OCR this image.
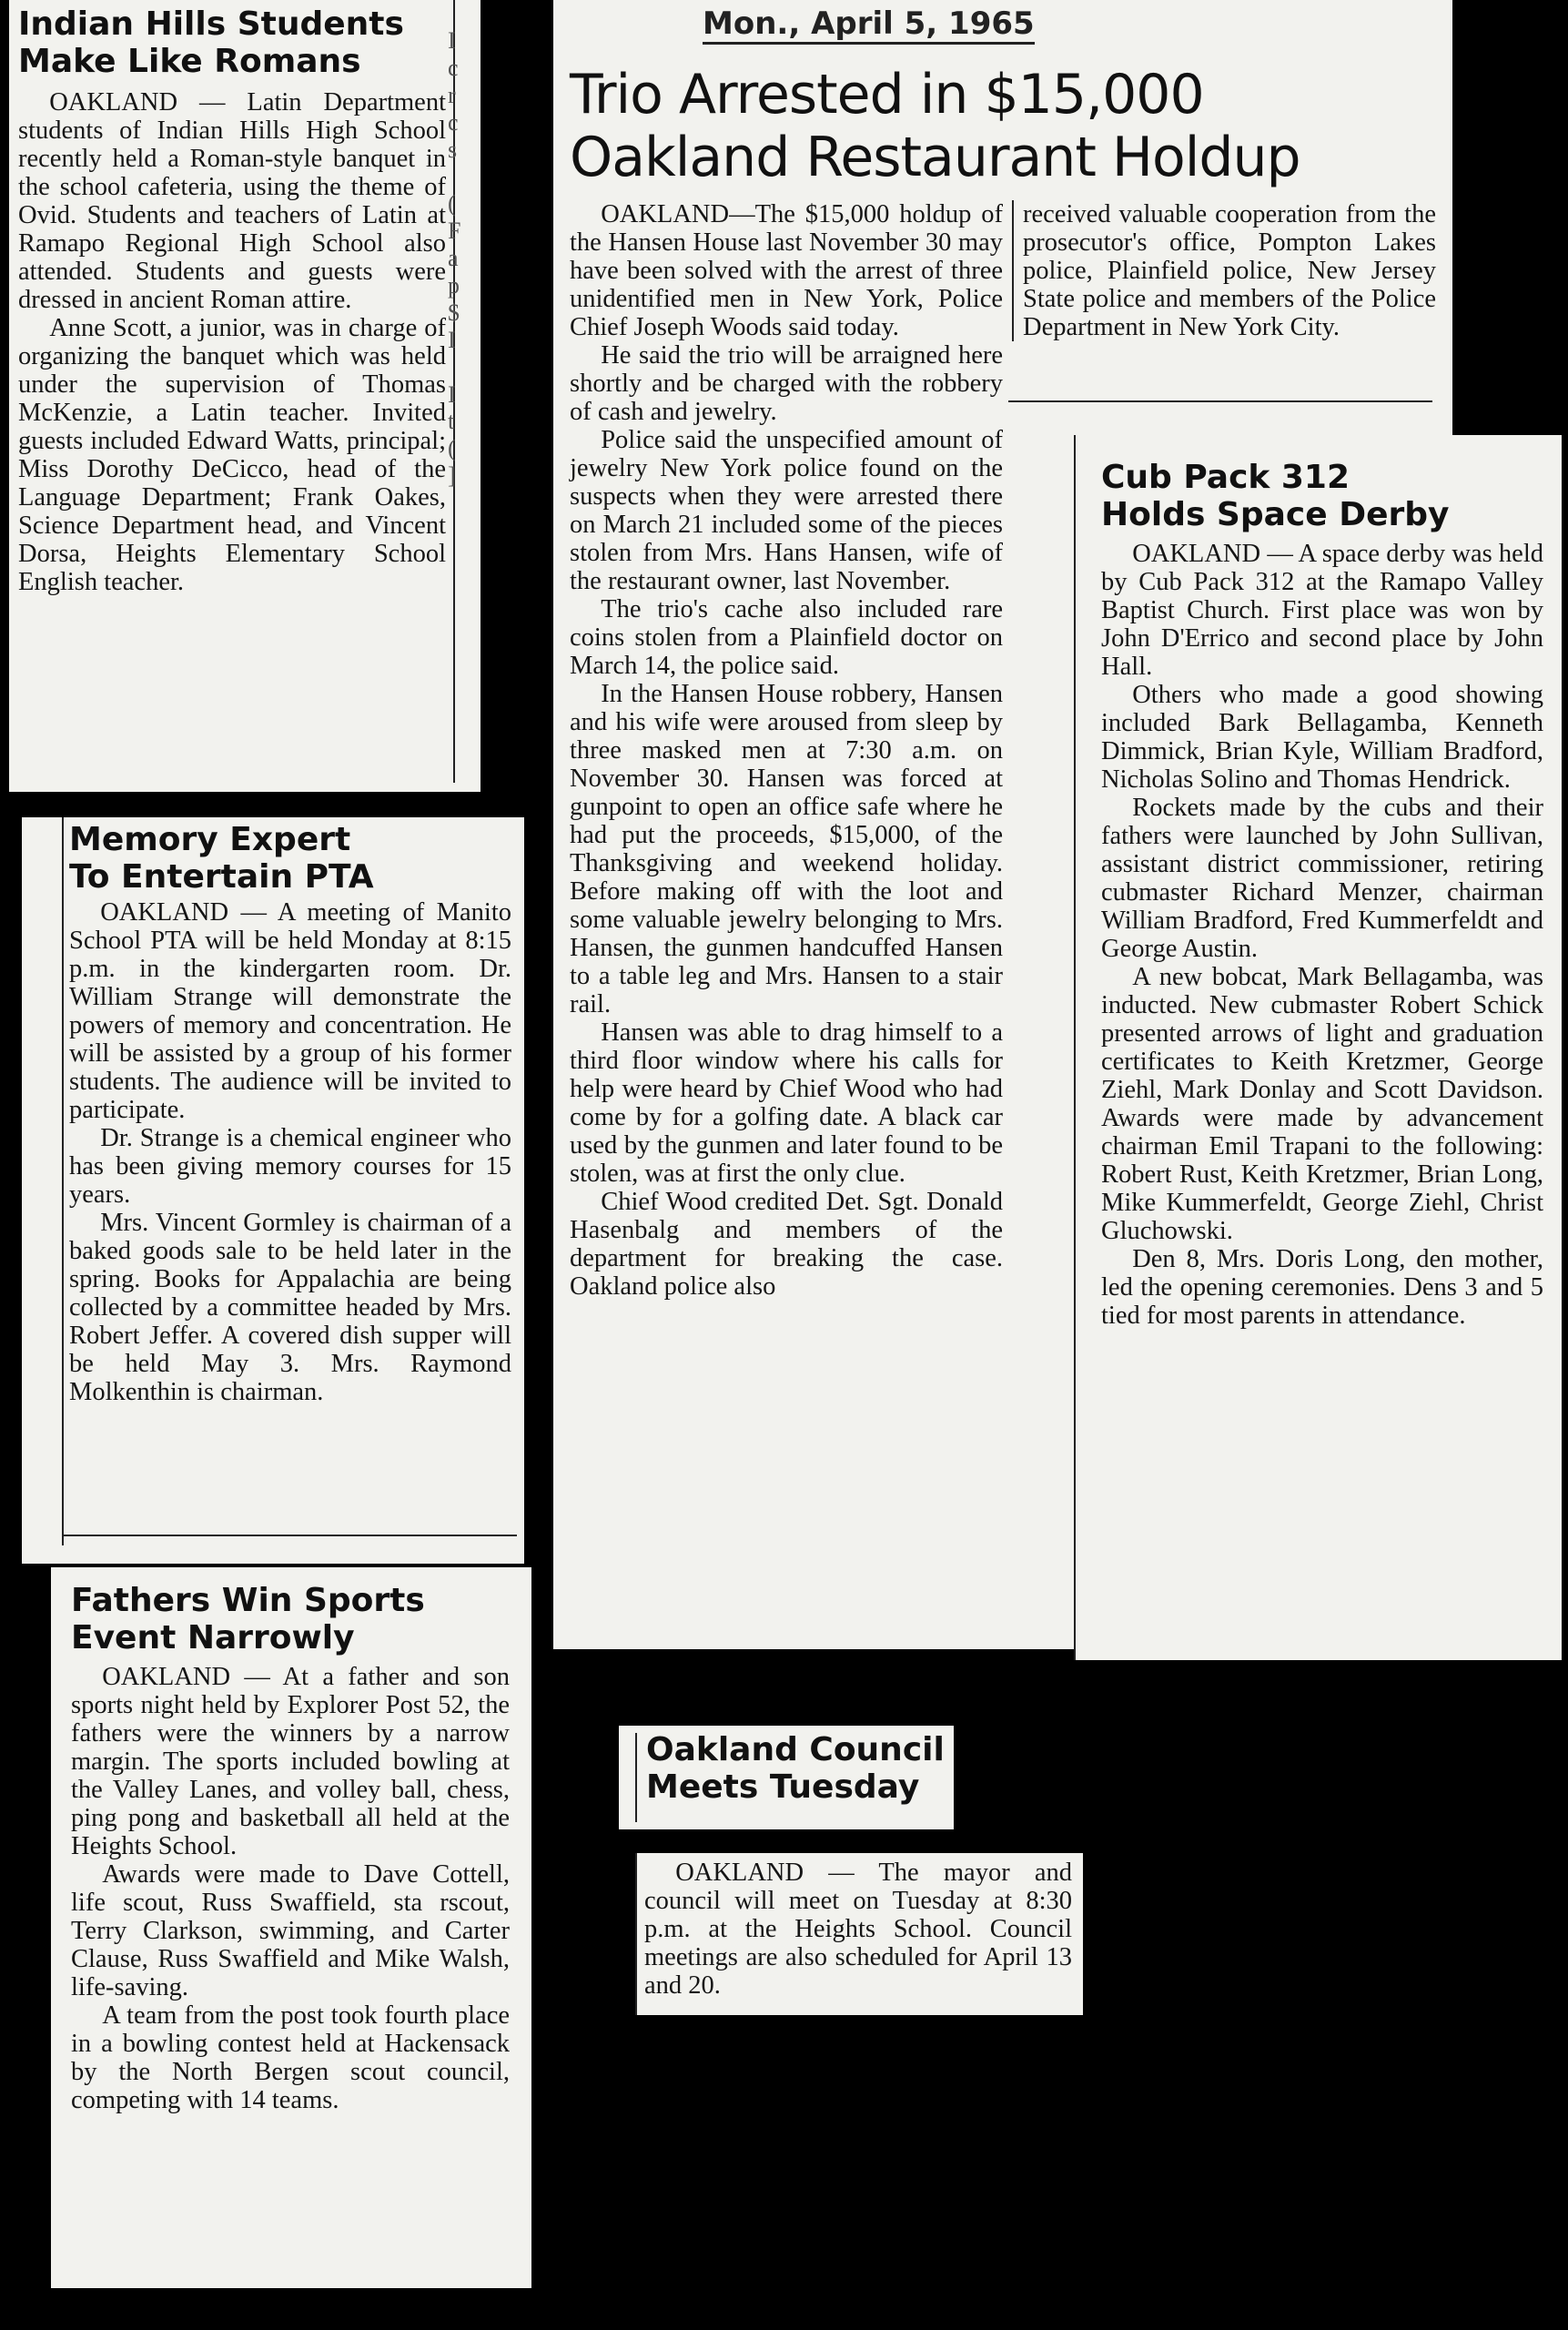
Indian Hills Students
Make Like Romans

OAKLAND — Latin Department students of Indian Hills High School recently held a Roman-style banquet in the school cafeteria, using the theme of Ovid. Students and teachers of Latin at Ramapo Regional High School also attended. Students and guests were dressed in ancient Roman attire.

Anne Scott, a junior, was in charge of organizing the banquet which was held under the supervision of Thomas McKenzie, a Latin teacher. Invited guests included Edward Watts, principal; Miss Dorothy DeCicco, head of the Language Department; Frank Oakes, Science Department head, and Vincent Dorsa, Heights Elementary School English teacher.

I
c
r
c
s

(
F
a
p
$
I

I
t
(
]
Memory Expert
To Entertain PTA

OAKLAND — A meeting of Manito School PTA will be held Monday at 8:15 p.m. in the kindergarten room. Dr. William Strange will demonstrate the powers of memory and concentration. He will be assisted by a group of his former students. The audience will be invited to participate.

Dr. Strange is a chemical engineer who has been giving memory courses for 15 years.

Mrs. Vincent Gormley is chairman of a baked goods sale to be held later in the spring. Books for Appalachia are being collected by a committee headed by Mrs. Robert Jeffer. A covered dish supper will be held May 3. Mrs. Raymond Molkenthin is chairman.

Fathers Win Sports
Event Narrowly

OAKLAND — At a father and son sports night held by Explorer Post 52, the fathers were the winners by a narrow margin. The sports included bowling at the Valley Lanes, and volley ball, chess, ping pong and basketball all held at the Heights School.

Awards were made to Dave Cottell, life scout, Russ Swaffield, sta rscout, Terry Clarkson, swimming, and Carter Clause, Russ Swaffield and Mike Walsh, life-saving.

A team from the post took fourth place in a bowling contest held at Hackensack by the North Bergen scout council, competing with 14 teams.

Mon., April 5, 1965
Trio Arrested in $15,000
Oakland Restaurant Holdup

OAKLAND—The $15,000 holdup of the Hansen House last November 30 may have been solved with the arrest of three unidentified men in New York, Police Chief Joseph Woods said today.

He said the trio will be arraigned here shortly and be charged with the robbery of cash and jewelry.

Police said the unspecified amount of jewelry New York police found on the suspects when they were arrested there on March 21 included some of the pieces stolen from Mrs. Hans Hansen, wife of the restaurant owner, last November.

The trio's cache also included rare coins stolen from a Plainfield doctor on March 14, the police said.

In the Hansen House robbery, Hansen and his wife were aroused from sleep by three masked men at 7:30 a.m. on November 30. Hansen was forced at gunpoint to open an office safe where he had put the proceeds, $15,000, of the Thanksgiving and weekend holiday. Before making off with the loot and some valuable jewelry belonging to Mrs. Hansen, the gunmen handcuffed Hansen to a table leg and Mrs. Hansen to a stair rail.

Hansen was able to drag himself to a third floor window where his calls for help were heard by Chief Wood who had come by for a golfing date. A black car used by the gunmen and later found to be stolen, was at first the only clue.

Chief Wood credited Det. Sgt. Donald Hasenbalg and members of the department for breaking the case. Oakland police also

received valuable cooperation from the prosecutor's office, Pompton Lakes police, Plainfield police, New Jersey State police and members of the Police Department in New York City.

Cub Pack 312
Holds Space Derby

OAKLAND — A space derby was held by Cub Pack 312 at the Ramapo Valley Baptist Church. First place was won by John D'Errico and second place by John Hall.

Others who made a good showing included Bark Bellagamba, Kenneth Dimmick, Brian Kyle, William Bradford, Nicholas Solino and Thomas Hendrick.

Rockets made by the cubs and their fathers were launched by John Sullivan, assistant district commissioner, retiring cubmaster Richard Menzer, chairman William Bradford, Fred Kummerfeldt and George Austin.

A new bobcat, Mark Bellagamba, was inducted. New cubmaster Robert Schick presented arrows of light and graduation certificates to Keith Kretzmer, George Ziehl, Mark Donlay and Scott Davidson. Awards were made by advancement chairman Emil Trapani to the following: Robert Rust, Keith Kretzmer, Brian Long, Mike Kummerfeldt, George Ziehl, Christ Gluchowski.

Den 8, Mrs. Doris Long, den mother, led the opening ceremonies. Dens 3 and 5 tied for most parents in attendance.

Oakland Council
Meets Tuesday

OAKLAND — The mayor and council will meet on Tuesday at 8:30 p.m. at the Heights School. Council meetings are also scheduled for April 13 and 20.
